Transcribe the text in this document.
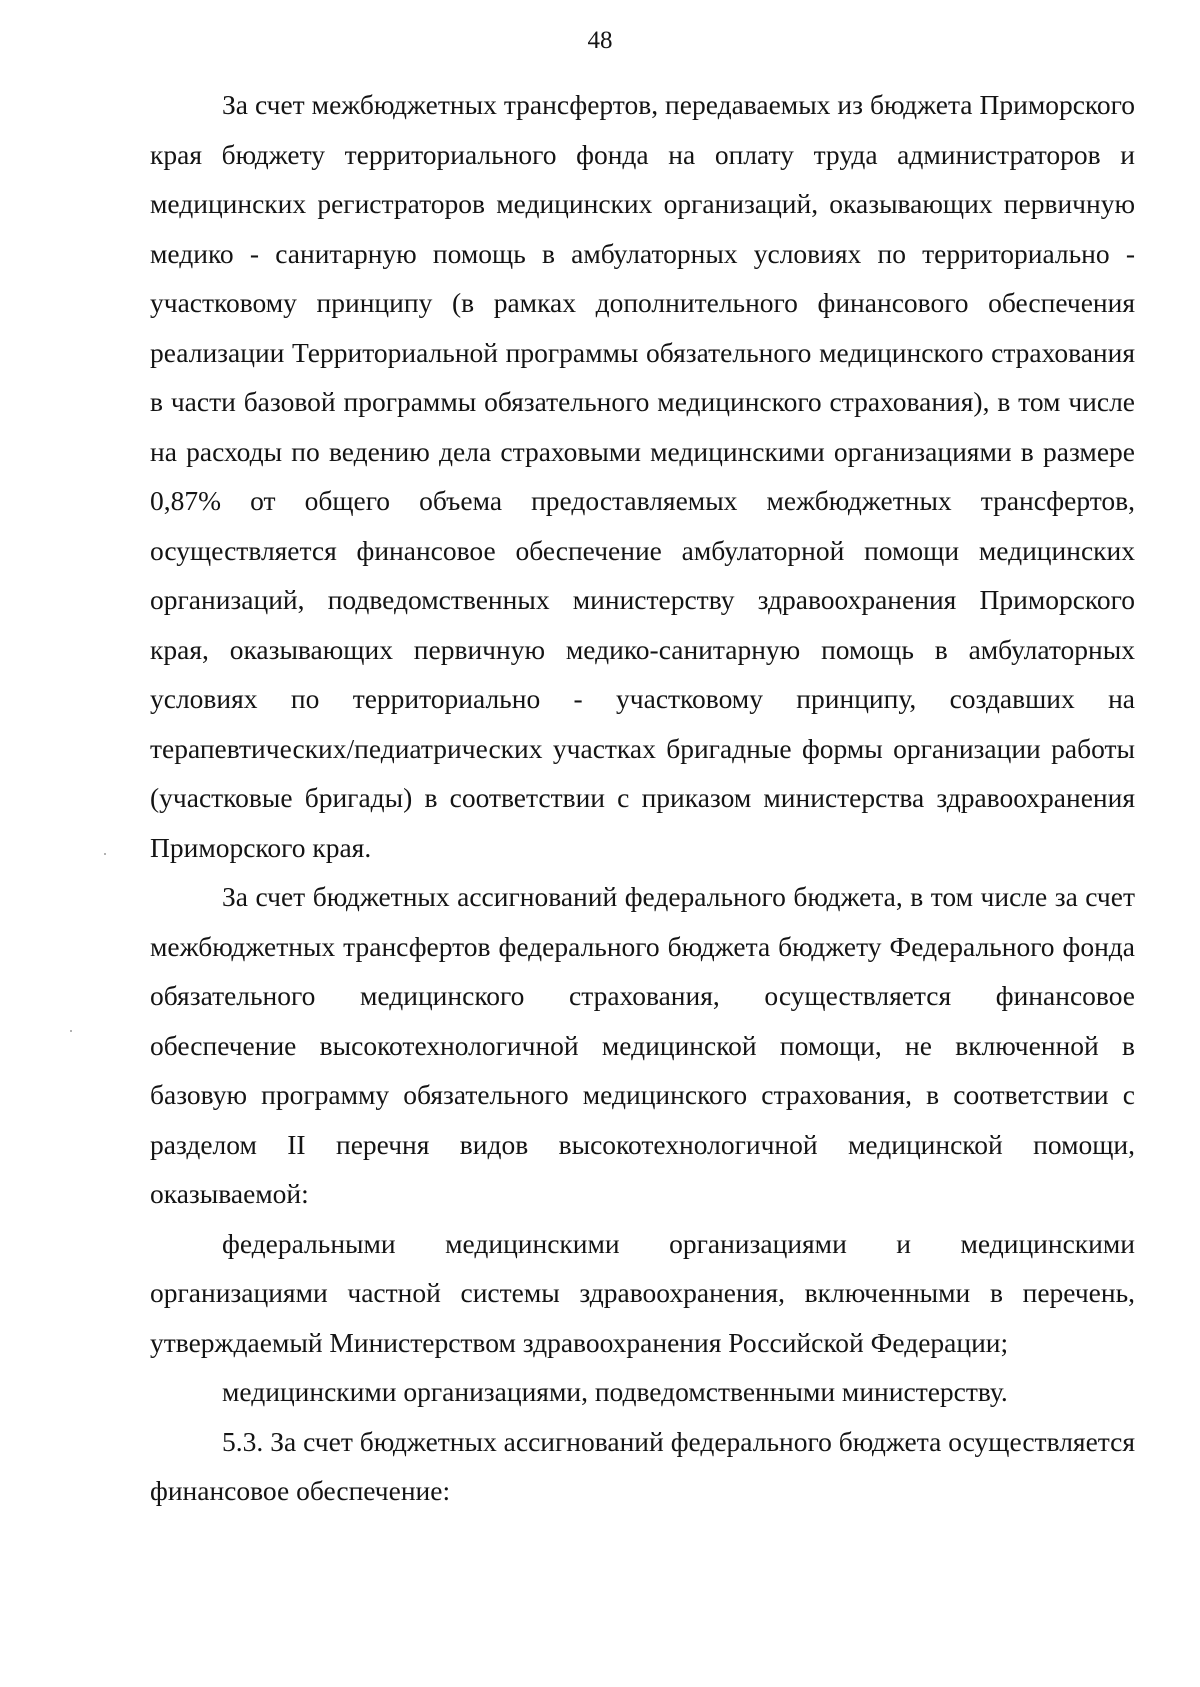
48

За счет межбюджетных трансфертов, передаваемых из бюджета Приморского края бюджету территориального фонда на оплату труда администраторов и медицинских регистраторов медицинских организаций, оказывающих первичную медико - санитарную помощь в амбулаторных условиях по территориально - участковому принципу (в рамках дополнительного финансового обеспечения реализации Территориальной программы обязательного медицинского страхования в части базовой программы обязательного медицинского страхования), в том числе на расходы по ведению дела страховыми медицинскими организациями в размере 0,87% от общего объема предоставляемых межбюджетных трансфертов, осуществляется финансовое обеспечение амбулаторной помощи медицинских организаций, подведомственных министерству здравоохранения Приморского края, оказывающих первичную медико-санитарную помощь в амбулаторных условиях по территориально - участковому принципу, создавших на терапевтических/педиатрических участках бригадные формы организации работы (участковые бригады) в соответствии с приказом министерства здравоохранения Приморского края.

За счет бюджетных ассигнований федерального бюджета, в том числе за счет межбюджетных трансфертов федерального бюджета бюджету Федерального фонда обязательного медицинского страхования, осуществляется финансовое обеспечение высокотехнологичной медицинской помощи, не включенной в базовую программу обязательного медицинского страхования, в соответствии с разделом II перечня видов высокотехнологичной медицинской помощи, оказываемой:

федеральными медицинскими организациями и медицинскими организациями частной системы здравоохранения, включенными в перечень, утверждаемый Министерством здравоохранения Российской Федерации;

медицинскими организациями, подведомственными министерству.

5.3. За счет бюджетных ассигнований федерального бюджета осуществляется финансовое обеспечение:
